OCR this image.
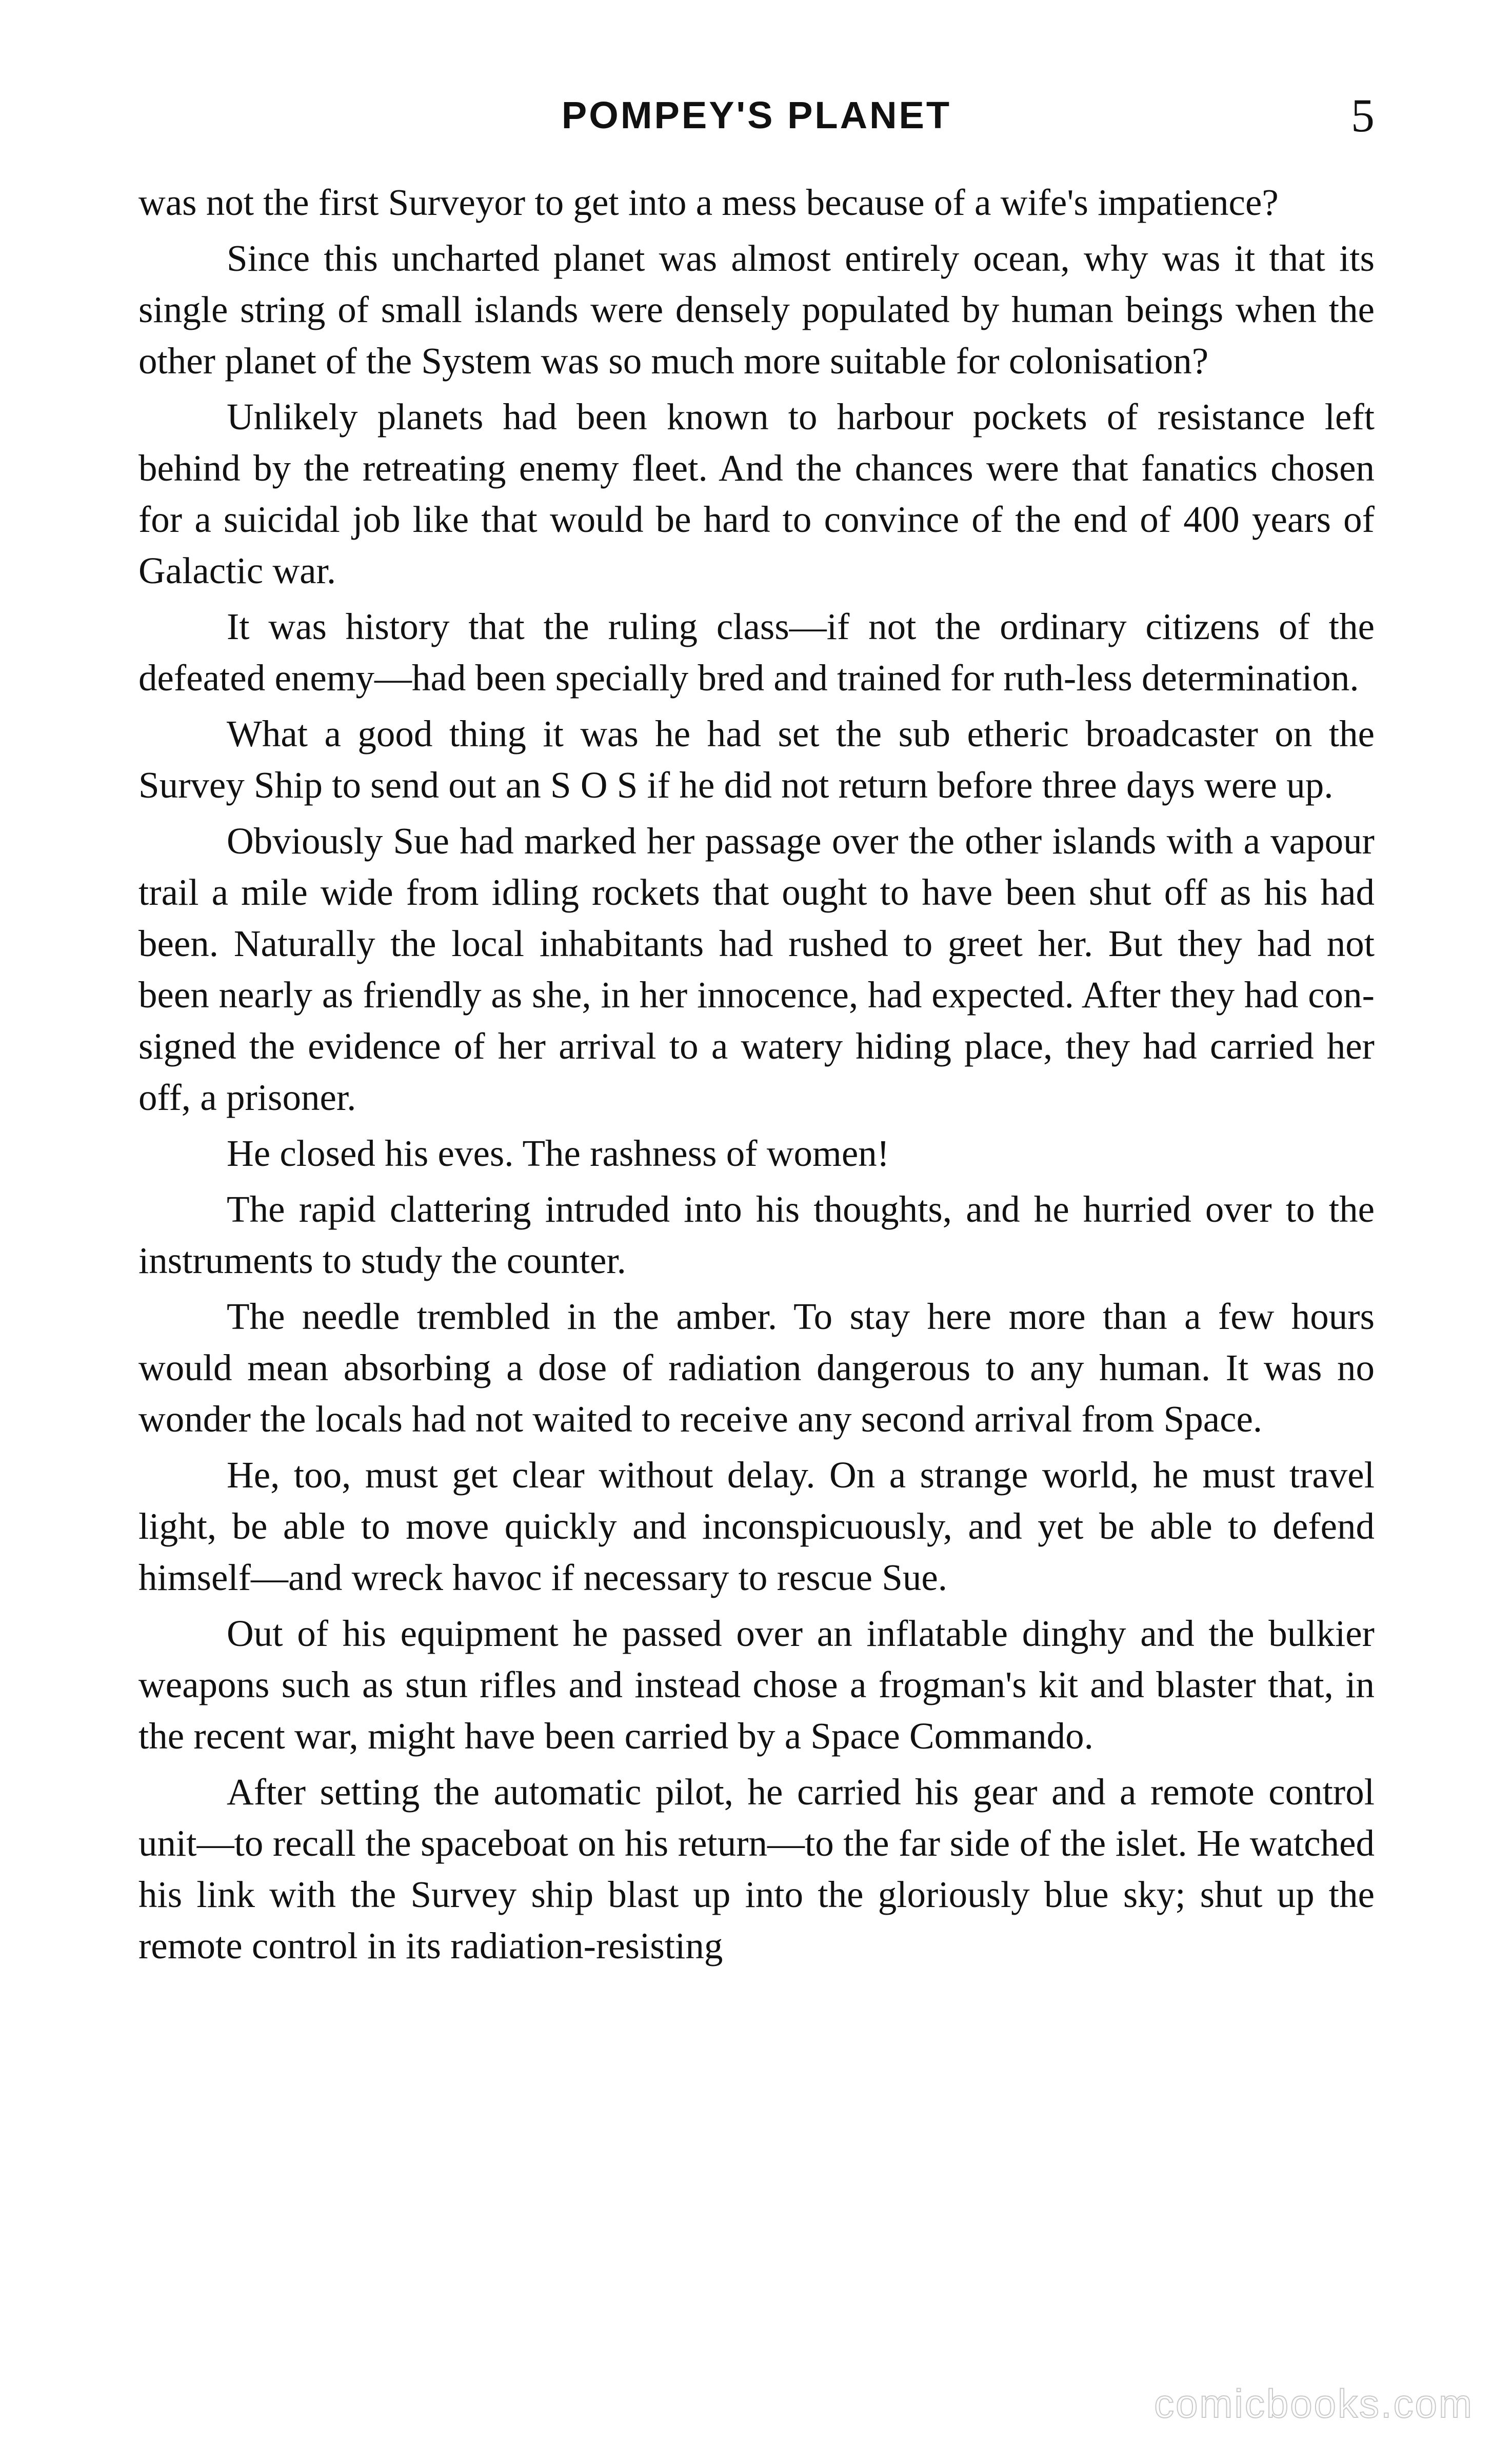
POMPEY'S PLANET	5

was not the first Surveyor to get into a mess because of a wife's impatience?

Since this uncharted planet was almost entirely ocean, why was it that its single string of small islands were densely populated by human beings when the other planet of the System was so much more suitable for colonisation?

Unlikely planets had been known to harbour pockets of resistance left behind by the retreating enemy fleet. And the chances were that fanatics chosen for a suicidal job like that would be hard to convince of the end of 400 years of Galactic war.

It was history that the ruling class—if not the ordinary citizens of the defeated enemy—had been specially bred and trained for ruth-less determination.

What a good thing it was he had set the sub etheric broadcaster on the Survey Ship to send out an S O S if he did not return before three days were up.

Obviously Sue had marked her passage over the other islands with a vapour trail a mile wide from idling rockets that ought to have been shut off as his had been. Naturally the local inhabitants had rushed to greet her. But they had not been nearly as friendly as she, in her innocence, had expected. After they had con-signed the evidence of her arrival to a watery hiding place, they had carried her off, a prisoner.

He closed his eves. The rashness of women!

The rapid clattering intruded into his thoughts, and he hurried over to the instruments to study the counter.

The needle trembled in the amber. To stay here more than a few hours would mean absorbing a dose of radiation dangerous to any human. It was no wonder the locals had not waited to receive any second arrival from Space.

He, too, must get clear without delay. On a strange world, he must travel light, be able to move quickly and inconspicuously, and yet be able to defend himself—and wreck havoc if necessary to rescue Sue.

Out of his equipment he passed over an inflatable dinghy and the bulkier weapons such as stun rifles and instead chose a frogman's kit and blaster that, in the recent war, might have been carried by a Space Commando.

After setting the automatic pilot, he carried his gear and a remote control unit—to recall the spaceboat on his return—to the far side of the islet. He watched his link with the Survey ship blast up into the gloriously blue sky; shut up the remote control in its radiation-resisting

comicbooks.com
